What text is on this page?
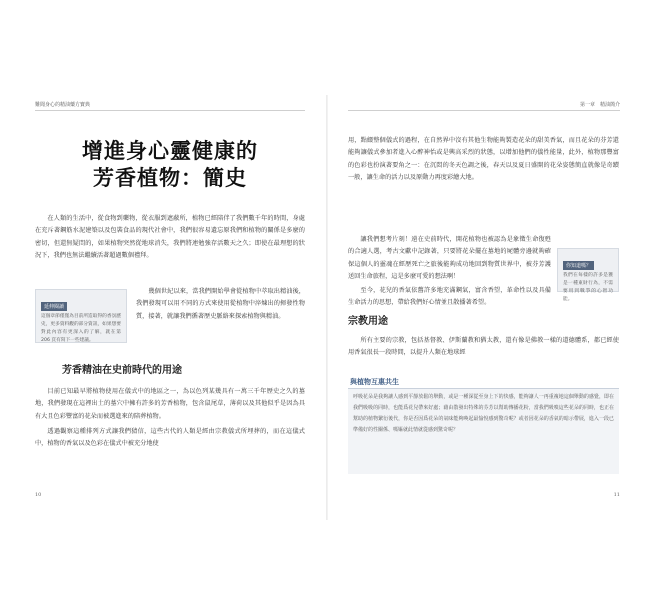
難聞身心的精油藥方寶典
增進身心靈健康的
芳香植物：簡史

在人類的生活中，從食物到藥物，從衣服到遮蔽所，植物已經陪伴了我們數千年的時間，身處在充斥著鋼筋水泥建築以及包裝食品的現代社會中，我們很容易遺忘原我們和植物的關係是多麼的密切，但還無疑問的，如果植物突然從地球消失，我們將連勉強存活數天之久；即使在最理想的狀況下，我們也無法繼續活著超過數個禮拜。

延伸閱讀

這個章節僅僅為目前所造取得的香氛歷史，更多資料觀的部分資訊，如果想要對此內容有更深入的了解，就在第 206 頁有寫下一些建議。

幾個世紀以來，當我們開始學會從植物中萃取出精油後，我們發現可以用不同的方式來使用從植物中淬煉出的揮發性物質，接著，就讓我們循著歷史脈絡來探索植物與精油。

芳香精油在史前時代的用途

目前已知最早將植物使用在儀式中的地區之一，為以色列某幾具有一萬三千年歷史之久的墓地，我們發現在這裡出土的墓穴中擁有許多的芳香植物，包含鼠尾草，薄荷以及其他似乎是因為具有大且色彩豐富的花朵而被選進來的陪葬植物。

透過觀察這種排列方式讓我們猜信，這些古代的人類是經由宗教儀式所埋葬的，而在這儀式中，植物的香氣以及色彩在儀式中被充分地使

10
第一章　精油簡介

用，點綴整個儀式的過程，在自然界中沒有其他生物能夠製造花朵的甜美香氣，而且花朵的芬芳還能夠讓儀式參加者進入心醉神怡或是興高采烈的狀態，以增加他們的儀性能量，此外，植物那豐富的色彩也扮演著要角之一：在沉悶的冬天色調之後，春天以及夏日盛開的花朵姿態簡直就像是奇蹟一般，讓生命的活力以及原動力再度彩繪大地。

讓我們想考片刻！遠在史前時代，開花植物也被認為是象徵生命復甦的合適人選，考古文獻中記錄著，只要將花朵擺在墓地的屍體旁邊就夠確保這個人的靈魂在經歷死亡之旅後能夠成功地回到物質世界中，被芬芳護送回生命旅程，這是多麼可愛的想法啊！

至今，花兒的香氣依舊許多地充滿鋼氣，富含香望，革命性以及具備生命活力的思想，帶給我們好心情並且散播著希望。

你知道嗎？

我們在每樣的許多是獲是一種東財行為，不需要用到戰爭的心智功能。

宗教用途

所有主要的宗教，包括基督教、伊斯蘭教和猶太教，還有像是佛教一樣的道德體系，都已經使用香氣很長一段時間，以提升人類在地球經

與植物互惠共生

呼吸花朵是我夠讓人感到平靜放鬆的舉動，或是一種深從至身上下的快感，能夠讓人一再重複地這個舉動的感覺，即在我們吸吸的同時，也能爲花兒帶來好處；藉由散發出特殊的芬芳以幫助傳播花粉，當我們吸嗅這些花朵的同時，也正在幫助的植物繁衍後代，你是否因爲花朵的氣味能夠喚起最愉悅感到驚奇呢？或者因花朵的香氣的暗示帶展，進入一段已準備好的性關係、嗎嫗就此情就從感到驚奇呢？

11
